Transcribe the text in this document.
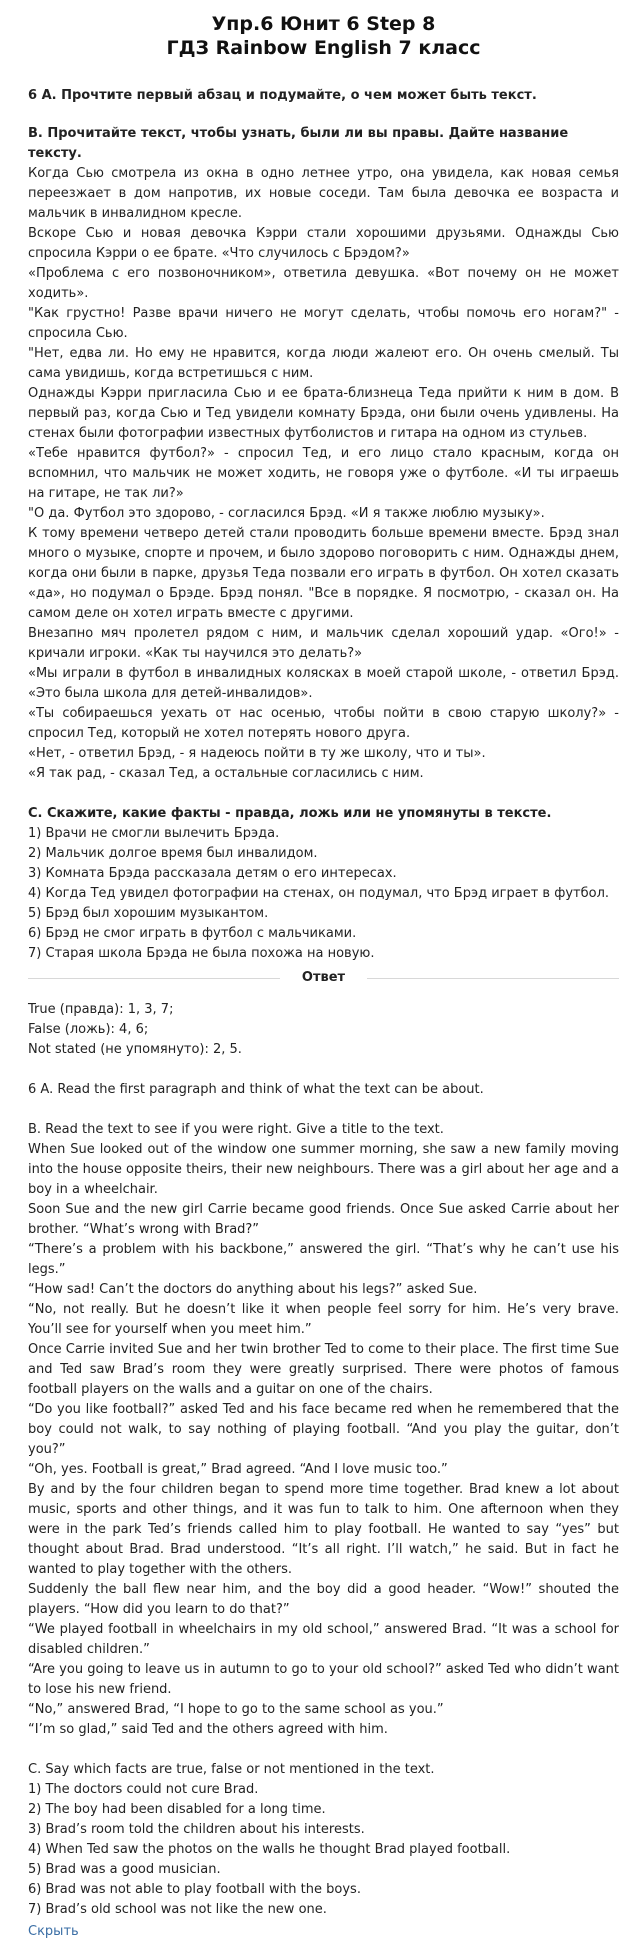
Упр.6 Юнит 6 Step 8
ГДЗ Rainbow English 7 класс

6 А. Прочтите первый абзац и подумайте, о чем может быть текст.

В. Прочитайте текст, чтобы узнать, были ли вы правы. Дайте название тексту.

Когда Сью смотрела из окна в одно летнее утро, она увидела, как новая семья переезжает в дом напротив, их новые соседи. Там была девочка ее возраста и мальчик в инвалидном кресле.

Вскоре Сью и новая девочка Кэрри стали хорошими друзьями. Однажды Сью спросила Кэрри о ее брате. «Что случилось с Брэдом?»

«Проблема с его позвоночником», ответила девушка. «Вот почему он не может ходить».

"Как грустно! Разве врачи ничего не могут сделать, чтобы помочь его ногам?" - спросила Сью.

"Нет, едва ли. Но ему не нравится, когда люди жалеют его. Он очень смелый. Ты сама увидишь, когда встретишься с ним.

Однажды Кэрри пригласила Сью и ее брата-близнеца Теда прийти к ним в дом. В первый раз, когда Сью и Тед увидели комнату Брэда, они были очень удивлены. На стенах были фотографии известных футболистов и гитара на одном из стульев.

«Тебе нравится футбол?» - спросил Тед, и его лицо стало красным, когда он вспомнил, что мальчик не может ходить, не говоря уже о футболе. «И ты играешь на гитаре, не так ли?»

"О да. Футбол это здорово, - согласился Брэд. «И я также люблю музыку».

К тому времени четверо детей стали проводить больше времени вместе. Брэд знал много о музыке, спорте и прочем, и было здорово поговорить с ним. Однажды днем, когда они были в парке, друзья Теда позвали его играть в футбол. Он хотел сказать «да», но подумал о Брэде. Брэд понял. "Все в порядке. Я посмотрю, - сказал он. На самом деле он хотел играть вместе с другими.

Внезапно мяч пролетел рядом с ним, и мальчик сделал хороший удар. «Ого!» - кричали игроки. «Как ты научился это делать?»

«Мы играли в футбол в инвалидных колясках в моей старой школе, - ответил Брэд. «Это была школа для детей-инвалидов».

«Ты собираешься уехать от нас осенью, чтобы пойти в свою старую школу?» - спросил Тед, который не хотел потерять нового друга.

«Нет, - ответил Брэд, - я надеюсь пойти в ту же школу, что и ты».

«Я так рад, - сказал Тед, а остальные согласились с ним.

С. Скажите, какие факты - правда, ложь или не упомянуты в тексте.

1) Врачи не смогли вылечить Брэда.

2) Мальчик долгое время был инвалидом.

3) Комната Брэда рассказала детям о его интересах.

4) Когда Тед увидел фотографии на стенах, он подумал, что Брэд играет в футбол.

5) Брэд был хорошим музыкантом.

6) Брэд не смог играть в футбол с мальчиками.

7) Старая школа Брэда не была похожа на новую.

Ответ

True (правда): 1, 3, 7;

False (ложь): 4, 6;

Not stated (не упомянуто): 2, 5.

6 A. Read the first paragraph and think of what the text can be about.

B. Read the text to see if you were right. Give a title to the text.

When Sue looked out of the window one summer morning, she saw a new family moving into the house opposite theirs, their new neighbours. There was a girl about her age and a boy in a wheelchair.

Soon Sue and the new girl Carrie became good friends. Once Sue asked Carrie about her brother. “What’s wrong with Brad?”

“There’s a problem with his backbone,” answered the girl. “That’s why he can’t use his legs.”

“How sad! Can’t the doctors do anything about his legs?” asked Sue.

“No, not really. But he doesn’t like it when people feel sorry for him. He’s very brave. You’ll see for yourself when you meet him.”

Once Carrie invited Sue and her twin brother Ted to come to their place. The first time Sue and Ted saw Brad’s room they were greatly surprised. There were photos of famous football players on the walls and a guitar on one of the chairs.

“Do you like football?” asked Ted and his face became red when he remembered that the boy could not walk, to say nothing of playing football. “And you play the guitar, don’t you?”

“Oh, yes. Football is great,” Brad agreed. “And I love music too.”

By and by the four children began to spend more time together. Brad knew a lot about music, sports and other things, and it was fun to talk to him. One afternoon when they were in the park Ted’s friends called him to play football. He wanted to say “yes” but thought about Brad. Brad understood. “It’s all right. I’ll watch,” he said. But in fact he wanted to play together with the others.

Suddenly the ball flew near him, and the boy did a good header. “Wow!” shouted the players. “How did you learn to do that?”

“We played football in wheelchairs in my old school,” answered Brad. “It was a school for disabled children.”

“Are you going to leave us in autumn to go to your old school?” asked Ted who didn’t want to lose his new friend.

“No,” answered Brad, “I hope to go to the same school as you.”

“I’m so glad,” said Ted and the others agreed with him.

C. Say which facts are true, false or not mentioned in the text.

1) The doctors could not cure Brad.

2) The boy had been disabled for a long time.

3) Brad’s room told the children about his interests.

4) When Ted saw the photos on the walls he thought Brad played football.

5) Brad was a good musician.

6) Brad was not able to play football with the boys.

7) Brad’s old school was not like the new one.

Скрыть
